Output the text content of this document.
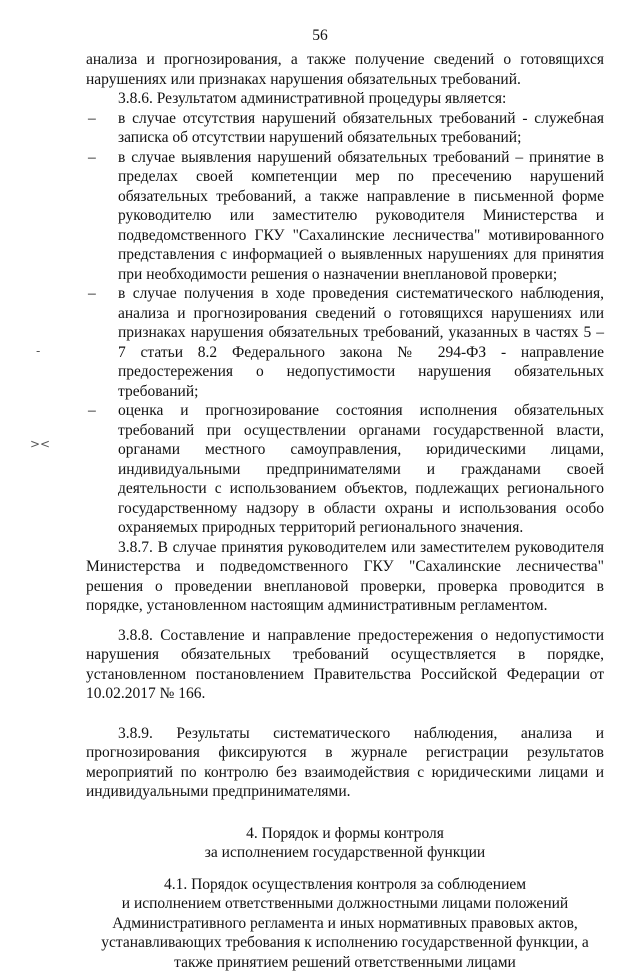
56
-
><

анализа и прогнозирования, а также получение сведений о готовящихся нарушениях или признаках нарушения обязательных требований.

3.8.6. Результатом административной процедуры является:

– в случае отсутствия нарушений обязательных требований - служебная записка об отсутствии нарушений обязательных требований;
– в случае выявления нарушений обязательных требований – принятие в пределах своей компетенции мер по пресечению нарушений обязательных требований, а также направление в письменной форме руководителю или заместителю руководителя Министерства и подведомственного ГКУ "Сахалинские лесничества" мотивированного представления с информацией о выявленных нарушениях для принятия при необходимости решения о назначении внеплановой проверки;
– в случае получения в ходе проведения систематического наблюдения, анализа и прогнозирования сведений о готовящихся нарушениях или признаках нарушения обязательных требований, указанных в частях 5 – 7 статьи 8.2 Федерального закона № 294-ФЗ - направление предостережения о недопустимости нарушения обязательных требований;
– оценка и прогнозирование состояния исполнения обязательных требований при осуществлении органами государственной власти, органами местного самоуправления, юридическими лицами, индивидуальными предпринимателями и гражданами своей деятельности с использованием объектов, подлежащих регионального государственному надзору в области охраны и использования особо охраняемых природных территорий регионального значения.

3.8.7. В случае принятия руководителем или заместителем руководителя Министерства и подведомственного ГКУ "Сахалинские лесничества" решения о проведении внеплановой проверки, проверка проводится в порядке, установленном настоящим административным регламентом.

3.8.8. Составление и направление предостережения о недопустимости нарушения обязательных требований осуществляется в порядке, установленном постановлением Правительства Российской Федерации от 10.02.2017 № 166.

3.8.9. Результаты систематического наблюдения, анализа и прогнозирования фиксируются в журнале регистрации результатов мероприятий по контролю без взаимодействия с юридическими лицами и индивидуальными предпринимателями.

4. Порядок и формы контроля
за исполнением государственной функции
4.1. Порядок осуществления контроля за соблюдением
и исполнением ответственными должностными лицами положений Административного регламента и иных нормативных правовых актов, устанавливающих требования к исполнению государственной функции, а также принятием решений ответственными лицами
